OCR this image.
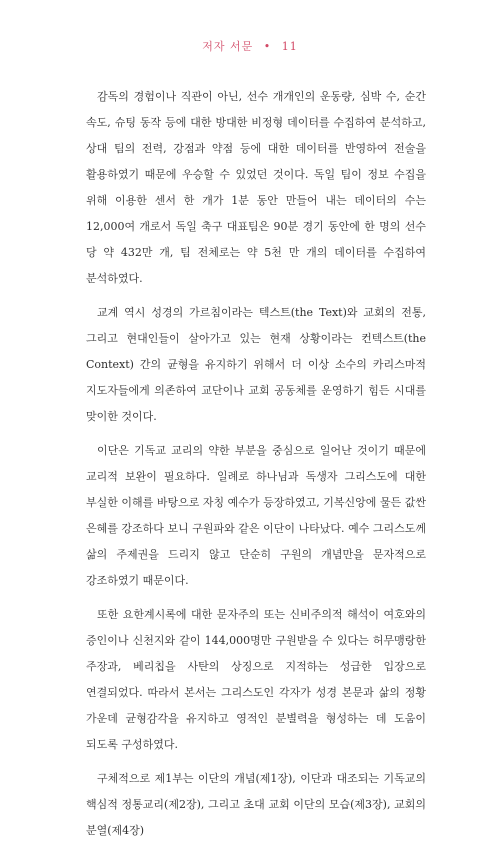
저자 서문 • 11

감독의 경험이나 직관이 아닌, 선수 개개인의 운동량, 심박 수, 순간 속도, 슈팅 동작 등에 대한 방대한 비정형 데이터를 수집하여 분석하고, 상대 팀의 전력, 강점과 약점 등에 대한 데이터를 반영하여 전술을 활용하였기 때문에 우승할 수 있었던 것이다. 독일 팀이 정보 수집을 위해 이용한 센서 한 개가 1분 동안 만들어 내는 데이터의 수는 12,000여 개로서 독일 축구 대표팀은 90분 경기 동안에 한 명의 선수 당 약 432만 개, 팀 전체로는 약 5천 만 개의 데이터를 수집하여 분석하였다.

교계 역시 성경의 가르침이라는 텍스트(the Text)와 교회의 전통, 그리고 현대인들이 살아가고 있는 현재 상황이라는 컨텍스트(the Context) 간의 균형을 유지하기 위해서 더 이상 소수의 카리스마적 지도자들에게 의존하여 교단이나 교회 공동체를 운영하기 힘든 시대를 맞이한 것이다.

이단은 기독교 교리의 약한 부분을 중심으로 일어난 것이기 때문에 교리적 보완이 필요하다. 일례로 하나님과 독생자 그리스도에 대한 부실한 이해를 바탕으로 자칭 예수가 등장하였고, 기복신앙에 물든 값싼 은혜를 강조하다 보니 구원파와 같은 이단이 나타났다. 예수 그리스도께 삶의 주제권을 드리지 않고 단순히 구원의 개념만을 문자적으로 강조하였기 때문이다.

또한 요한계시록에 대한 문자주의 또는 신비주의적 해석이 여호와의 증인이나 신천지와 같이 144,000명만 구원받을 수 있다는 허무맹랑한 주장과, 베리칩을 사탄의 상징으로 지적하는 성급한 입장으로 연결되었다. 따라서 본서는 그리스도인 각자가 성경 본문과 삶의 정황 가운데 균형감각을 유지하고 영적인 분별력을 형성하는 데 도움이 되도록 구성하였다.

구체적으로 제1부는 이단의 개념(제1장), 이단과 대조되는 기독교의 핵심적 정통교리(제2장), 그리고 초대 교회 이단의 모습(제3장), 교회의 분열(제4장)
